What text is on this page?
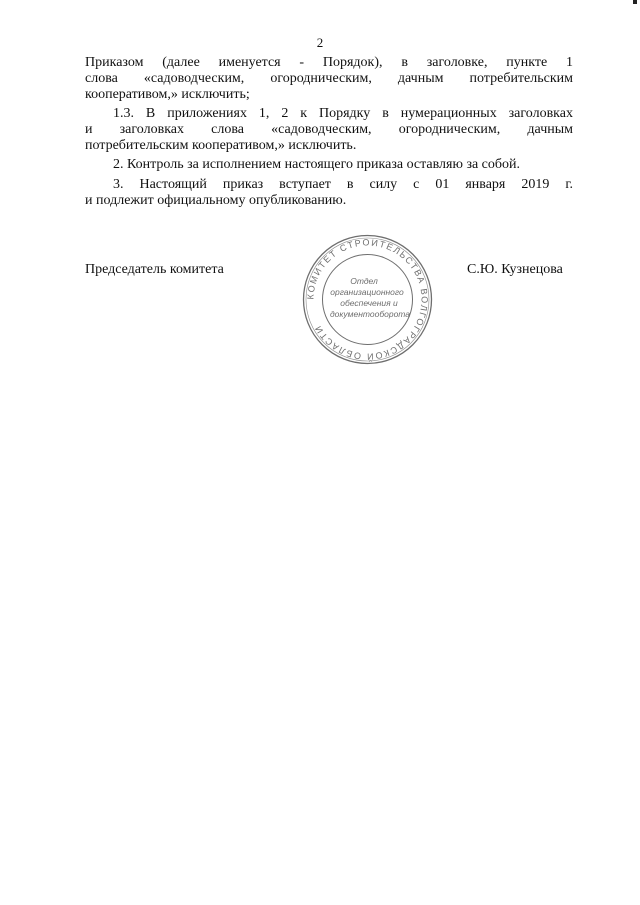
2
Приказом (далее именуется - Порядок), в заголовке, пункте 1
слова «садоводческим, огородническим, дачным потребительским
кооперативом,» исключить;
1.3. В приложениях 1, 2 к Порядку в нумерационных заголовках
и заголовках слова «садоводческим, огородническим, дачным
потребительским кооперативом,» исключить.
2. Контроль за исполнением настоящего приказа оставляю за собой.
3. Настоящий приказ вступает в силу с 01 января 2019 г.
и подлежит официальному опубликованию.
Председатель комитета	С.Ю. Кузнецова
КОМИТЕТ СТРОИТЕЛЬСТВА ВОЛГОГРАДСКОЙ ОБЛАСТИ
Отдел
организационного
обеспечения и
документооборота
